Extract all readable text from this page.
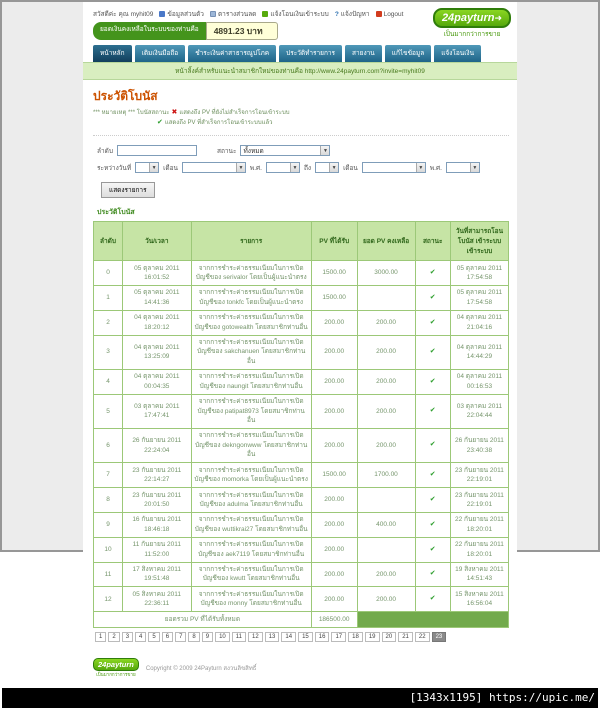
สวัสดีค่ะ คุณ myhit09 ข้อมูลส่วนตัว ตารางส่วนลด แจ้งโอนเงินเข้าระบบ ? แจ้งปัญหา Logout	24payturn➜
เป็นมากกว่าการขาย
ยอดเงินคงเหลือในระบบของท่านคือ	4891.23 บาท
หน้าหลัก	เติมเงินมือถือ	ชำระเงินค่าสาธารณูปโภค	ประวัติทำรายการ	สายงาน	แก้ไขข้อมูล	แจ้งโอนเงิน
หน้าลิ้งค์สำหรับแนะนำสมาชิกใหม่ของท่านคือ http://www.24payturn.com?invite=myhit09
ประวัติโบนัส
*** หมายเหตุ *** โบนัสสถานะ ✖ แสดงถึง PV ที่ยังไม่สำเร็จการโอนเข้าระบบ
✔ แสดงถึง PV ที่สำเร็จการโอนเข้าระบบแล้ว
ลำดับ	สถานะ ทั้งหมด	▼
ระหว่างวันที่	▼ เดือน	▼ พ.ศ.	▼ ถึง	▼ เดือน	▼ พ.ศ.	▼
แสดงรายการ
ประวัติโบนัส
ลำดับ	วัน/เวลา	รายการ	PV ที่ได้รับ	ยอด PV คงเหลือ	สถานะ	วันที่สามารถโอนโบนัส เข้าระบบ เข้าระบบ
0	
05 ตุลาคม 2011
16:01:52
	จากการชำระค่าธรรมเนียมในการเปิดบัญชีของ serivalor โดยเป็นผู้แนะนำตรง	1500.00	3000.00	✔	
05 ตุลาคม 2011
17:54:58

1	
05 ตุลาคม 2011
14:41:36
	จากการชำระค่าธรรมเนียมในการเปิดบัญชีของ tonkfc โดยเป็นผู้แนะนำตรง	1500.00		✔	
05 ตุลาคม 2011
17:54:58

2	
04 ตุลาคม 2011
18:20:12
	จากการชำระค่าธรรมเนียมในการเปิดบัญชีของ gotowealth โดยสมาชิกท่านอื่น	200.00	200.00	✔	
04 ตุลาคม 2011
21:04:16

3	
04 ตุลาคม 2011
13:25:09
	จากการชำระค่าธรรมเนียมในการเปิดบัญชีของ sakchanuen โดยสมาชิกท่านอื่น	200.00	200.00	✔	
04 ตุลาคม 2011
14:44:29

4	
04 ตุลาคม 2011
00:04:35
	จากการชำระค่าธรรมเนียมในการเปิดบัญชีของ naungit โดยสมาชิกท่านอื่น	200.00	200.00	✔	
04 ตุลาคม 2011
00:16:53

5	
03 ตุลาคม 2011
17:47:41
	จากการชำระค่าธรรมเนียมในการเปิดบัญชีของ patipat8973 โดยสมาชิกท่านอื่น	200.00	200.00	✔	
03 ตุลาคม 2011
22:04:44

6	
26 กันยายน 2011
22:24:04
	จากการชำระค่าธรรมเนียมในการเปิดบัญชีของ dekngonwww โดยสมาชิกท่านอื่น	200.00	200.00	✔	
26 กันยายน 2011
23:40:38

7	
23 กันยายน 2011
22:14:27
	จากการชำระค่าธรรมเนียมในการเปิดบัญชีของ momorka โดยเป็นผู้แนะนำตรง	1500.00	1700.00	✔	
23 กันยายน 2011
22:19:01

8	
23 กันยายน 2011
20:01:50
	จากการชำระค่าธรรมเนียมในการเปิดบัญชีของ adulma โดยสมาชิกท่านอื่น	200.00		✔	
23 กันยายน 2011
22:19:01

9	
16 กันยายน 2011
18:46:18
	จากการชำระค่าธรรมเนียมในการเปิดบัญชีของ wuttikrai27 โดยสมาชิกท่านอื่น	200.00	400.00	✔	
22 กันยายน 2011
18:20:01

10	
11 กันยายน 2011
11:52:00
	จากการชำระค่าธรรมเนียมในการเปิดบัญชีของ aek7119 โดยสมาชิกท่านอื่น	200.00		✔	
22 กันยายน 2011
18:20:01

11	
17 สิงหาคม 2011
19:51:48
	จากการชำระค่าธรรมเนียมในการเปิดบัญชีของ kwutt โดยสมาชิกท่านอื่น	200.00	200.00	✔	
19 สิงหาคม 2011
14:51:43

12	
05 สิงหาคม 2011
22:36:11
	จากการชำระค่าธรรมเนียมในการเปิดบัญชีของ monny โดยสมาชิกท่านอื่น	200.00	200.00	✔	
15 สิงหาคม 2011
16:56:04

ยอดรวม PV ที่ได้รับทั้งหมด			186500.00			
1	2	3	4	5	6	7	8	9	10	11	12	13	14	15	16	17	18	19	20	21	22	23
24payturn
เป็นมากกว่าการขาย
Copyright © 2009 24Payturn สงวนลิขสิทธิ์
[1343x1195] https://upic.me/
